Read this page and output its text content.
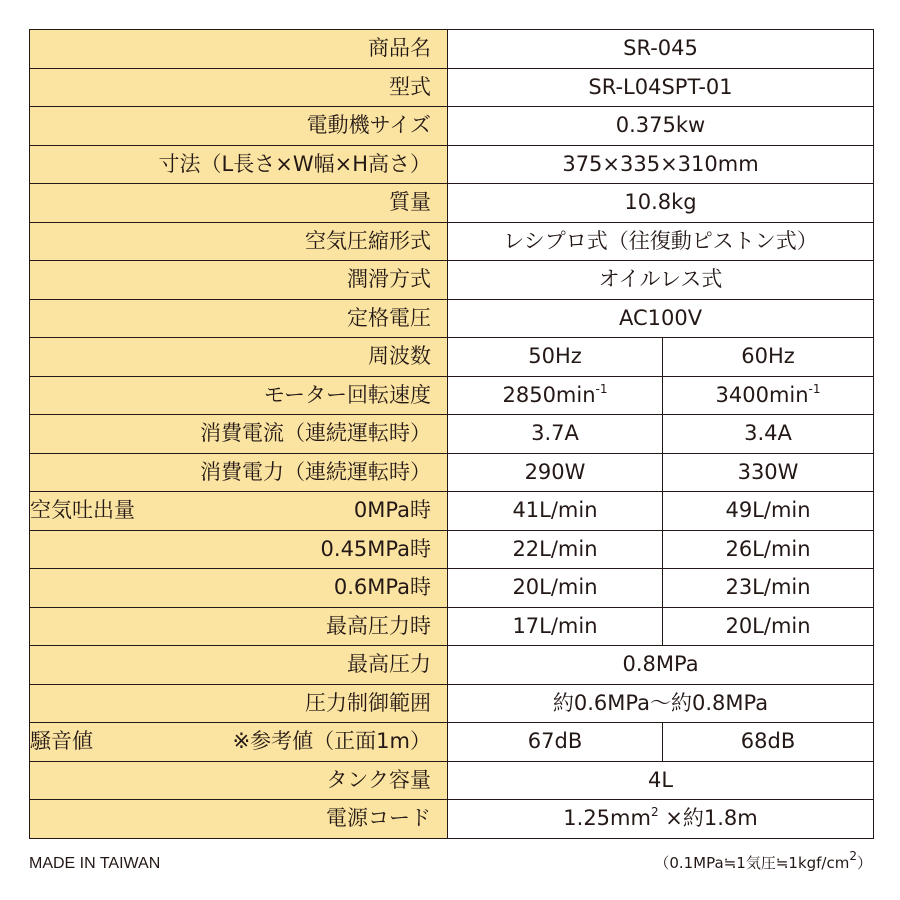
商品名	SR-045	
型式	SR-L04SPT-01	
電動機サイズ	0.375kw	
寸法（L長さ×W幅×H高さ）	375×335×310mm	
質量	10.8kg	
空気圧縮形式	レシプロ式（往復動ピストン式）	
潤滑方式	オイルレス式	
定格電圧	AC100V	
周波数	50Hz	60Hz
モーター回転速度	$2850\min^{-1}$	$3400\min^{-1}$
消費電流（連続運転時）	3.7A	3.4A
消費電力（連続運転時）	290W	330W

空気吐出量 0MPa時	41L/min	49L/min
0.45MPa時	22L/min	26L/min
0.6MPa時	20L/min	23L/min
最高圧力時	17L/min	20L/min
最高圧力	0.8MPa	
圧力制御範囲	約0.6MPa～約0.8MPa	

騒音値 ※参考値（正面1m）	67dB	68dB
タンク容量	4L	
電源コード	$1.25mm^2$ ×約1.8m	
MADE IN TAIWAN	（0.1MPa≒1気圧$≒1kgf/cm^2$）
